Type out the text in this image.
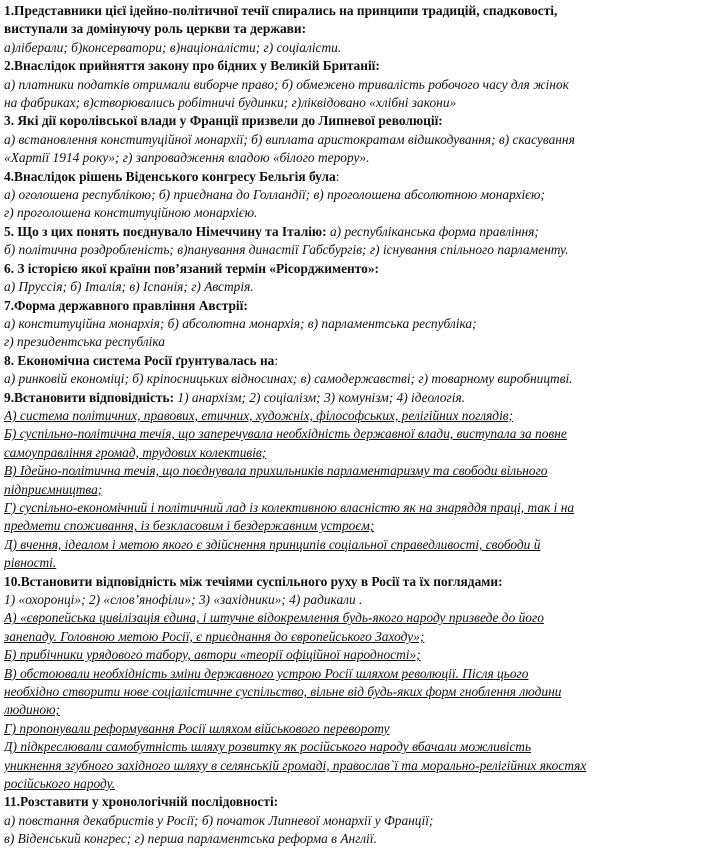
1.Представники цієї ідейно-політичної течії спирались на принципи традицій, спадковості,
виступали за домінуючу роль церкви та держави:
а)ліберали; б)консерватори; в)націоналісти; г) соціалісти.
2.Внаслідок прийняття закону про бідних у Великій Британії:
а) платники податків отримали виборче право; б) обмежено тривалість робочого часу для жінок
на фабриках; в)створювались робітничі будинки; г)ліквідовано «хлібні закони»
3. Які дії королівської влади у Франції призвели до Липневої революції:
а) встановлення конституційної монархії; б) виплата аристократам відшкодування; в) скасування
«Хартії 1914 року»; г) запровадження владою «білого терору».
4.Внаслідок рішень Віденського конгресу Бельгія була:
а) оголошена республікою; б) приєднана до Голландії; в) проголошена абсолютною монархією;
г) проголошена конституційною монархією.
5. Що з цих понять поєднувало Німеччину та Італію: а) республіканська форма правління;
б) політична роздробленість; в)панування династії Габсбургів; г) існування спільного парламенту.
6. З історією якої країни пов’язаний термін «Рісорджименто»:
а) Пруссія; б) Італія; в) Іспанія; г) Австрія.
7.Форма державного правління Австрії:
а) конституційна монархія; б) абсолютна монархія; в) парламентська республіка;
г) президентська республіка
8. Економічна система Росії ґрунтувалась на:
а) ринковій економіці; б) кріпосницьких відносинах; в) самодержавстві; г) товарному виробництві.
9.Встановити відповідність: 1) анархізм; 2) соціалізм; 3) комунізм; 4) ідеологія.
А) система політичних, правових, етичних, художніх, філософських, релігійних поглядів;
Б) суспільно-політична течія, що заперечувала необхідність державної влади, виступала за повне
самоуправління громад, трудових колективів;
В) Ідейно-політична течія, що поєднувала прихильників парламентаризму та свободи вільного
підприємництва;
Г) суспільно-економічний і політичний лад із колективною власністю як на знаряддя праці, так і на
предмети споживання, із безкласовим і бездержавним устроєм;
Д) вчення, ідеалом і метою якого є здійснення принципів соціальної справедливості, свободи й
рівності.
10.Встановити відповідність між течіями суспільного руху в Росії та їх поглядами:
1) «охоронці»; 2) «слов’янофіли»; 3) «західники»; 4) радикали .
А) «європейська цивілізація єдина, і штучне відокремлення будь-якого народу призведе до його
занепаду. Головною метою Росії, є приєднання до європейського Заходу»;
Б) прибічники урядового табору, автори «теорії офіційної народності»;
В) обстоювали необхідність зміни державного устрою Росії шляхом революції. Після цього
необхідно створити нове соціалістичне суспільство, вільне від будь-яких форм гноблення людини
людиною;
Г) пропонували реформування Росії шляхом військового перевороту
Д) підкреслювали самобутність шляху розвитку як російського народу вбачали можливість
уникнення згубного західного шляху в селянській громаді, православ`ї та морально-релігійних якостях
російського народу.
11.Розставити у хронологічній послідовності:
а) повстання декабристів у Росії; б) початок Липневої монархії у Франції;
в) Віденський конгрес; г) перша парламентська реформа в Англії.
